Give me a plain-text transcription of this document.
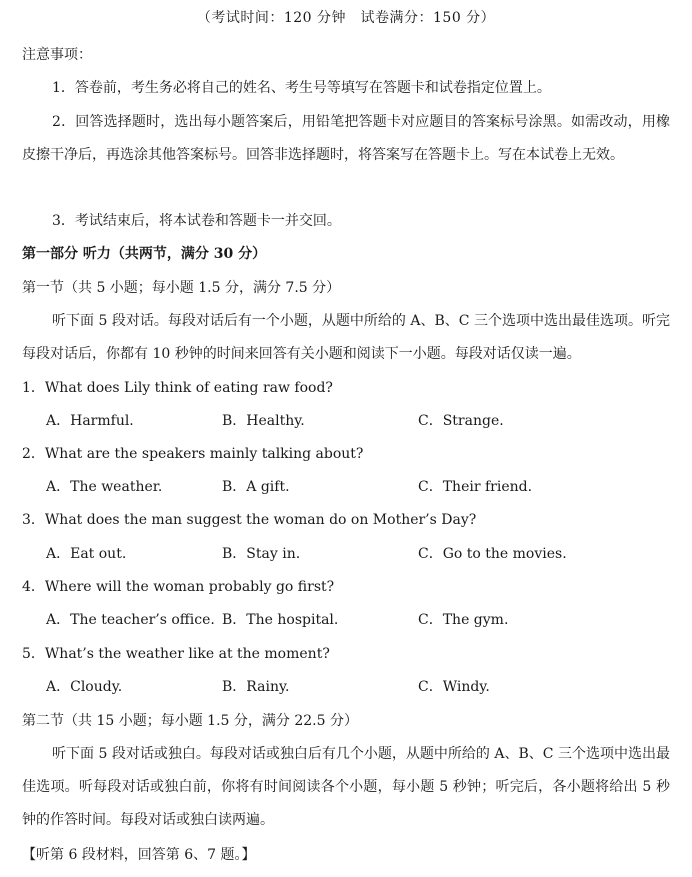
（考试时间：120 分钟　试卷满分：150 分）
注意事项：
1．答卷前，考生务必将自己的姓名、考生号等填写在答题卡和试卷指定位置上。
2．回答选择题时，选出每小题答案后，用铅笔把答题卡对应题目的答案标号涂黑。如需改动，用橡皮擦干净后，再选涂其他答案标号。回答非选择题时，将答案写在答题卡上。写在本试卷上无效。
3．考试结束后，将本试卷和答题卡一并交回。
第一部分 听力（共两节，满分 30 分）
第一节（共 5 小题；每小题 1.5 分，满分 7.5 分）
听下面 5 段对话。每段对话后有一个小题，从题中所给的 A、B、C 三个选项中选出最佳选项。听完每段对话后，你都有 10 秒钟的时间来回答有关小题和阅读下一小题。每段对话仅读一遍。
1．What does Lily think of eating raw food?
A．Harmful.	B．Healthy.	C．Strange.
2．What are the speakers mainly talking about?
A．The weather.	B．A gift.	C．Their friend.
3．What does the man suggest the woman do on Mother’s Day?
A．Eat out.	B．Stay in.	C．Go to the movies.
4．Where will the woman probably go first?
A．The teacher’s office. B．The hospital.	C．The gym.
5．What’s the weather like at the moment?
A．Cloudy.	B．Rainy.	C．Windy.
第二节（共 15 小题；每小题 1.5 分，满分 22.5 分）
听下面 5 段对话或独白。每段对话或独白后有几个小题，从题中所给的 A、B、C 三个选项中选出最佳选项。听每段对话或独白前，你将有时间阅读各个小题，每小题 5 秒钟；听完后，各小题将给出 5 秒钟的作答时间。每段对话或独白读两遍。
【听第 6 段材料，回答第 6、7 题。】
